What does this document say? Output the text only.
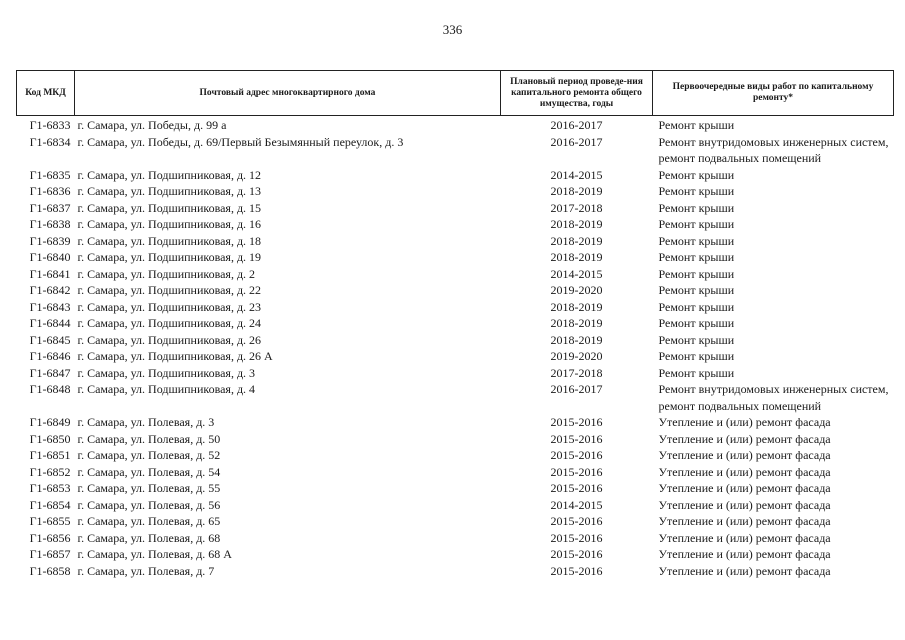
336
Код МКД	Почтовый адрес многоквартирного дома	Плановый период проведе-ния капитального ремонта общего имущества, годы	Первоочередные виды работ по капитальному ремонту*
Г1-6833	г. Самара, ул. Победы, д. 99 а	2016-2017	Ремонт крыши
Г1-6834	г. Самара, ул. Победы, д. 69/Первый Безымянный переулок, д. 3	2016-2017	Ремонт внутридомовых инженерных систем, ремонт подвальных помещений
Г1-6835	г. Самара, ул. Подшипниковая, д. 12	2014-2015	Ремонт крыши
Г1-6836	г. Самара, ул. Подшипниковая, д. 13	2018-2019	Ремонт крыши
Г1-6837	г. Самара, ул. Подшипниковая, д. 15	2017-2018	Ремонт крыши
Г1-6838	г. Самара, ул. Подшипниковая, д. 16	2018-2019	Ремонт крыши
Г1-6839	г. Самара, ул. Подшипниковая, д. 18	2018-2019	Ремонт крыши
Г1-6840	г. Самара, ул. Подшипниковая, д. 19	2018-2019	Ремонт крыши
Г1-6841	г. Самара, ул. Подшипниковая, д. 2	2014-2015	Ремонт крыши
Г1-6842	г. Самара, ул. Подшипниковая, д. 22	2019-2020	Ремонт крыши
Г1-6843	г. Самара, ул. Подшипниковая, д. 23	2018-2019	Ремонт крыши
Г1-6844	г. Самара, ул. Подшипниковая, д. 24	2018-2019	Ремонт крыши
Г1-6845	г. Самара, ул. Подшипниковая, д. 26	2018-2019	Ремонт крыши
Г1-6846	г. Самара, ул. Подшипниковая, д. 26 А	2019-2020	Ремонт крыши
Г1-6847	г. Самара, ул. Подшипниковая, д. 3	2017-2018	Ремонт крыши
Г1-6848	г. Самара, ул. Подшипниковая, д. 4	2016-2017	Ремонт внутридомовых инженерных систем, ремонт подвальных помещений
Г1-6849	г. Самара, ул. Полевая, д. 3	2015-2016	Утепление и (или) ремонт фасада
Г1-6850	г. Самара, ул. Полевая, д. 50	2015-2016	Утепление и (или) ремонт фасада
Г1-6851	г. Самара, ул. Полевая, д. 52	2015-2016	Утепление и (или) ремонт фасада
Г1-6852	г. Самара, ул. Полевая, д. 54	2015-2016	Утепление и (или) ремонт фасада
Г1-6853	г. Самара, ул. Полевая, д. 55	2015-2016	Утепление и (или) ремонт фасада
Г1-6854	г. Самара, ул. Полевая, д. 56	2014-2015	Утепление и (или) ремонт фасада
Г1-6855	г. Самара, ул. Полевая, д. 65	2015-2016	Утепление и (или) ремонт фасада
Г1-6856	г. Самара, ул. Полевая, д. 68	2015-2016	Утепление и (или) ремонт фасада
Г1-6857	г. Самара, ул. Полевая, д. 68 А	2015-2016	Утепление и (или) ремонт фасада
Г1-6858	г. Самара, ул. Полевая, д. 7	2015-2016	Утепление и (или) ремонт фасада
